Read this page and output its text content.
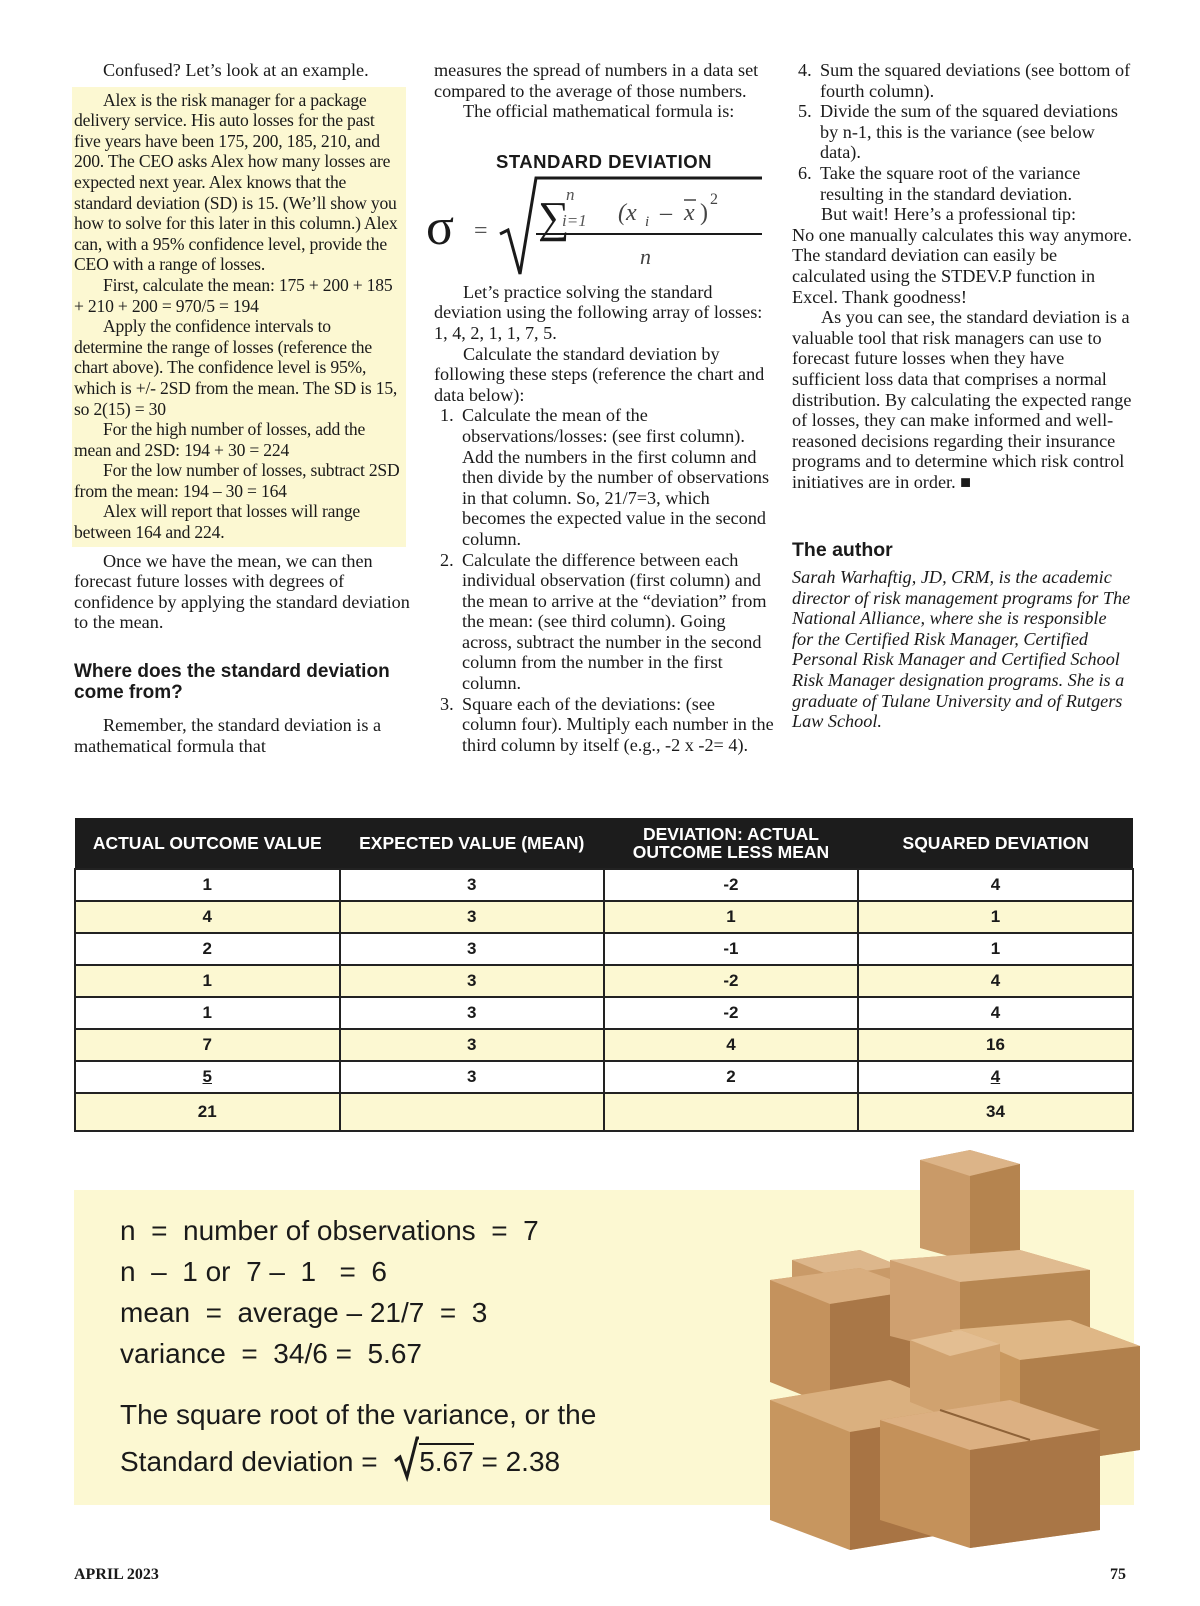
Confused? Let’s look at an example.

Alex is the risk manager for a package delivery service. His auto losses for the past five years have been 175, 200, 185, 210, and 200. The CEO asks Alex how many losses are expected next year. Alex knows that the standard deviation (SD) is 15. (We’ll show you how to solve for this later in this column.) Alex can, with a 95% confidence level, provide the CEO with a range of losses.

First, calculate the mean: 175 + 200 + 185 + 210 + 200 = 970/5 = 194

Apply the confidence intervals to determine the range of losses (reference the chart above). The confidence level is 95%, which is +/- 2SD from the mean. The SD is 15, so 2(15) = 30

For the high number of losses, add the mean and 2SD: 194 + 30 = 224

For the low number of losses, subtract 2SD from the mean: 194 – 30 = 164

Alex will report that losses will range between 164 and 224.

Once we have the mean, we can then forecast future losses with degrees of confidence by applying the standard deviation to the mean.

Where does the standard deviation come from?

Remember, the standard deviation is a mathematical formula that

measures the spread of numbers in a data set compared to the average of those numbers.

The official mathematical formula is:

STANDARD DEVIATION
σ = ∑
n
i=1 (x i – x )
2
n

Let’s practice solving the standard deviation using the following array of losses: 1, 4, 2, 1, 1, 7, 5.

Calculate the standard deviation by following these steps (reference the chart and data below):

1. Calculate the mean of the observations/losses: (see first column). Add the numbers in the first column and then divide by the number of observations in that column. So, 21/7=3, which becomes the expected value in the second column.
2. Calculate the difference between each individual observation (first column) and the mean to arrive at the “deviation” from the mean: (see third column). Going across, subtract the number in the second column from the number in the first column.
3. Square each of the deviations: (see column four). Multiply each number in the third column by itself (e.g., -2 x -2= 4).
4. Sum the squared deviations (see bottom of fourth column).
5. Divide the sum of the squared deviations by n-1, this is the variance (see below data).
6. Take the square root of the variance resulting in the standard deviation.

But wait! Here’s a professional tip:

No one manually calculates this way anymore. The standard deviation can easily be calculated using the STDEV.P function in Excel. Thank goodness!

As you can see, the standard deviation is a valuable tool that risk managers can use to forecast future losses when they have sufficient loss data that comprises a normal distribution. By calculating the expected range of losses, they can make informed and well-reasoned decisions regarding their insurance programs and to determine which risk control initiatives are in order. ■

The author

Sarah Warhaftig, JD, CRM, is the academic director of risk management programs for The National Alliance, where she is responsible for the Certified Risk Manager, Certified Personal Risk Manager and Certified School Risk Manager designation programs. She is a graduate of Tulane University and of Rutgers Law School.

ACTUAL OUTCOME VALUE	EXPECTED VALUE (MEAN)	DEVIATION: ACTUAL OUTCOME LESS MEAN	SQUARED DEVIATION
1	3	-2	4
4	3	1	1
2	3	-1	1
1	3	-2	4
1	3	-2	4
7	3	4	16
5	3	2	4
21			34
n  =  number of observations  =  7
n  –  1 or  7 –  1   =  6
mean  =  average – 21/7  =  3
variance  =  34/6 =  5.67
The square root of the variance, or the
Standard deviation =
5.67 = 2.38
APRIL 2023	75
